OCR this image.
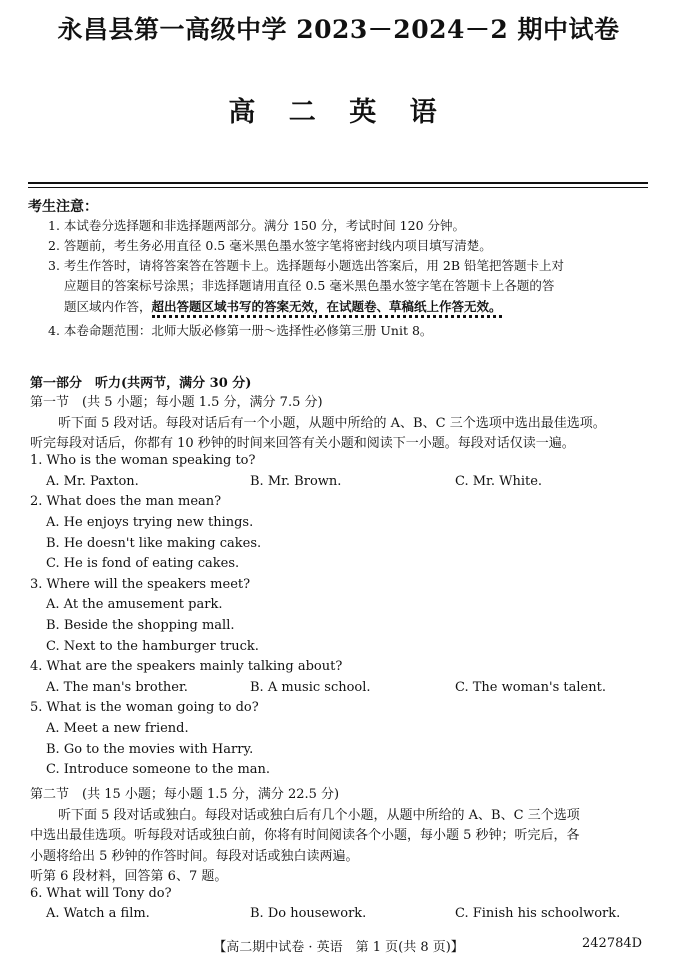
永昌县第一高级中学 2023－2024－2 期中试卷
高 二 英 语
考生注意：
1. 本试卷分选择题和非选择题两部分。满分 150 分，考试时间 120 分钟。
2. 答题前，考生务必用直径 0.5 毫米黑色墨水签字笔将密封线内项目填写清楚。
3. 考生作答时，请将答案答在答题卡上。选择题每小题选出答案后，用 2B 铅笔把答题卡上对
应题目的答案标号涂黑；非选择题请用直径 0.5 毫米黑色墨水签字笔在答题卡上各题的答
题区域内作答，超出答题区域书写的答案无效，在试题卷、草稿纸上作答无效。
4. 本卷命题范围：北师大版必修第一册～选择性必修第三册 Unit 8。
第一部分　听力(共两节，满分 30 分)
第一节　(共 5 小题；每小题 1.5 分，满分 7.5 分)
听下面 5 段对话。每段对话后有一个小题，从题中所给的 A、B、C 三个选项中选出最佳选项。
听完每段对话后，你都有 10 秒钟的时间来回答有关小题和阅读下一小题。每段对话仅读一遍。
1. Who is the woman speaking to?
A. Mr. Paxton.	B. Mr. Brown.	C. Mr. White.
2. What does the man mean?
A. He enjoys trying new things.
B. He doesn't like making cakes.
C. He is fond of eating cakes.
3. Where will the speakers meet?
A. At the amusement park.
B. Beside the shopping mall.
C. Next to the hamburger truck.
4. What are the speakers mainly talking about?
A. The man's brother.	B. A music school.	C. The woman's talent.
5. What is the woman going to do?
A. Meet a new friend.
B. Go to the movies with Harry.
C. Introduce someone to the man.
第二节　(共 15 小题；每小题 1.5 分，满分 22.5 分)
听下面 5 段对话或独白。每段对话或独白后有几个小题，从题中所给的 A、B、C 三个选项
中选出最佳选项。听每段对话或独白前，你将有时间阅读各个小题，每小题 5 秒钟；听完后，各
小题将给出 5 秒钟的作答时间。每段对话或独白读两遍。
听第 6 段材料，回答第 6、7 题。
6. What will Tony do?
A. Watch a film.	B. Do housework.	C. Finish his schoolwork.
【高二期中试卷 · 英语　第 1 页(共 8 页)】	242784D
